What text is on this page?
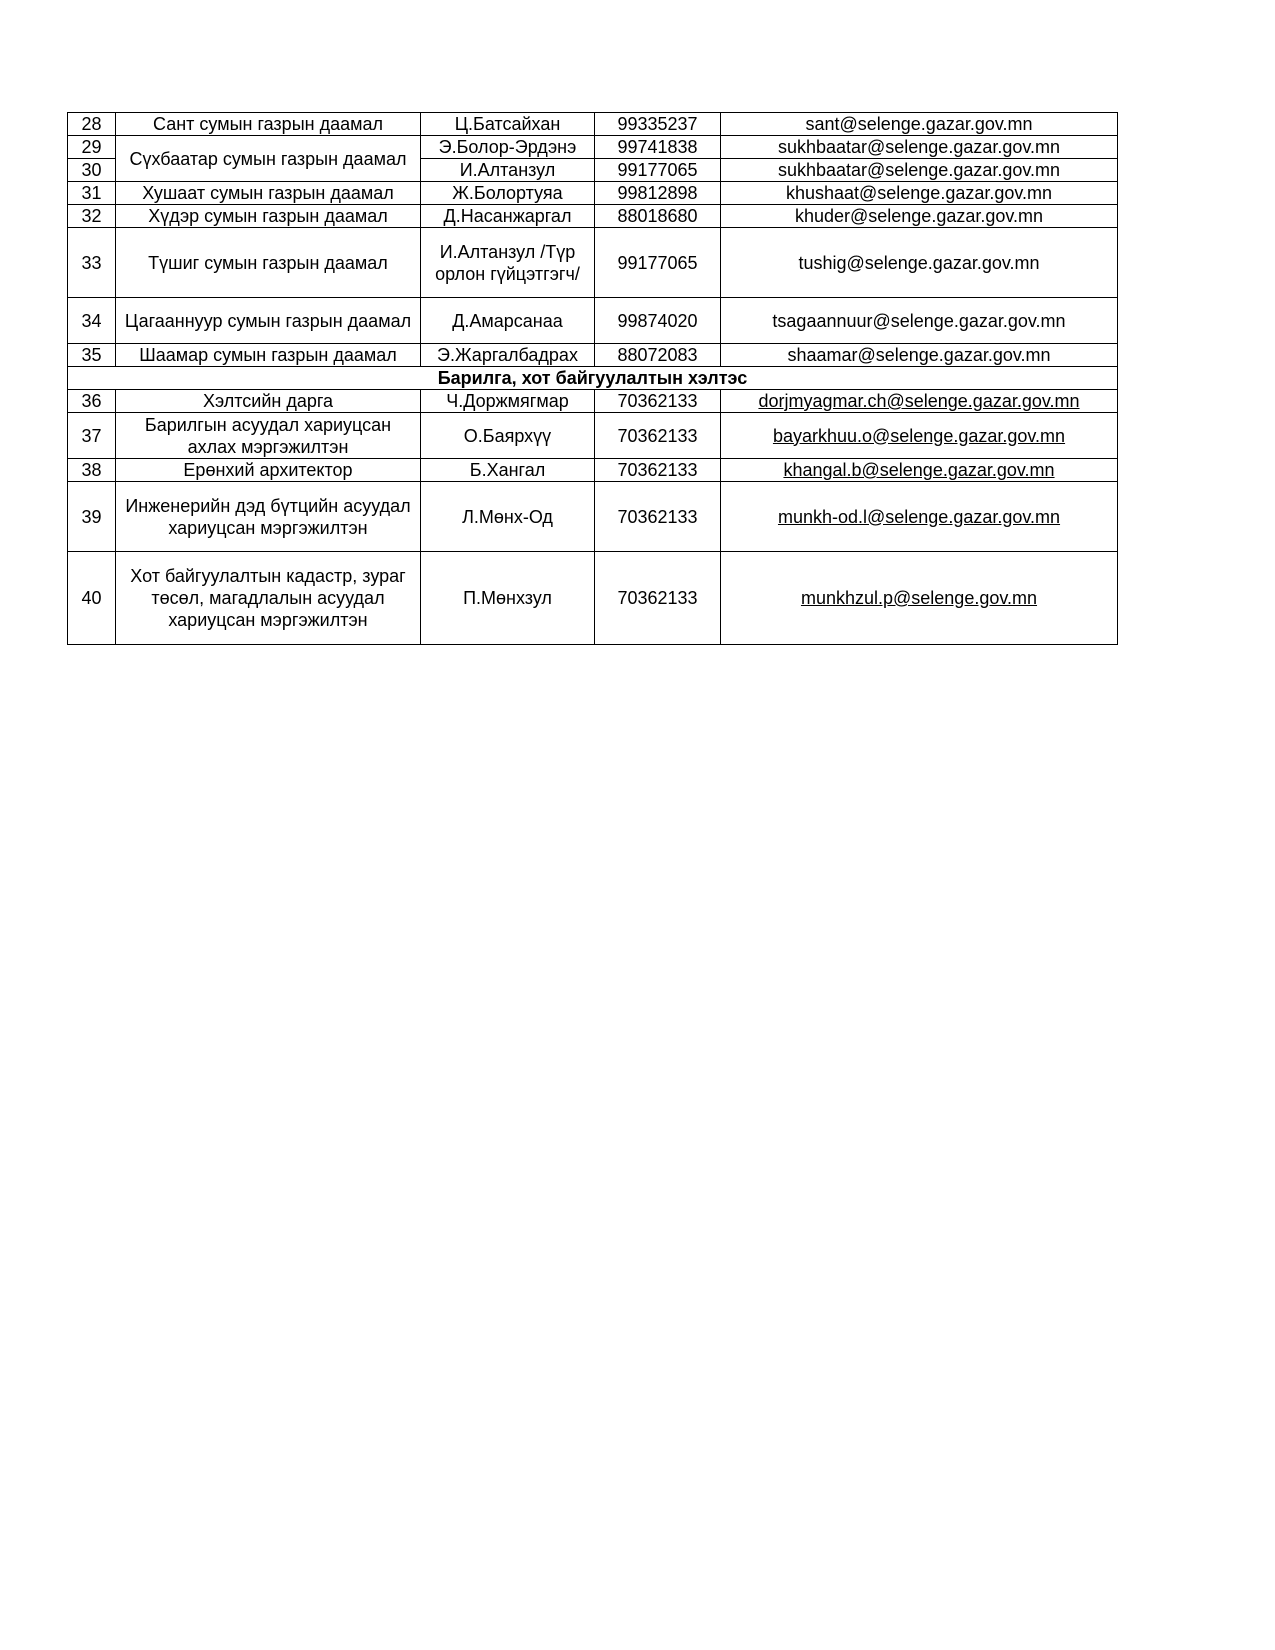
28	Сант сумын газрын даамал	Ц.Батсайхан	99335237	sant@selenge.gazar.gov.mn
29	Сүхбаатар сумын газрын даамал	Э.Болор-Эрдэнэ	99741838	sukhbaatar@selenge.gazar.gov.mn
30		И.Алтанзул	99177065	sukhbaatar@selenge.gazar.gov.mn
31	Хушаат сумын газрын даамал	Ж.Болортуяа	99812898	khushaat@selenge.gazar.gov.mn
32	Хүдэр сумын газрын даамал	Д.Насанжаргал	88018680	khuder@selenge.gazar.gov.mn
33	Түшиг сумын газрын даамал	И.Алтанзул /Түр орлон гүйцэтгэгч/	99177065	tushig@selenge.gazar.gov.mn
34	Цагааннуур сумын газрын даамал	Д.Амарсанаа	99874020	tsagaannuur@selenge.gazar.gov.mn
35	Шаамар сумын газрын даамал	Э.Жаргалбадрах	88072083	shaamar@selenge.gazar.gov.mn
Барилга, хот байгуулалтын хэлтэс				
36	Хэлтсийн дарга	Ч.Доржмягмар	70362133	dorjmyagmar.ch@selenge.gazar.gov.mn
37	Барилгын асуудал хариуцсан ахлах мэргэжилтэн	О.Баярхүү	70362133	bayarkhuu.o@selenge.gazar.gov.mn
38	Ерөнхий архитектор	Б.Хангал	70362133	khangal.b@selenge.gazar.gov.mn
39	Инженерийн дэд бүтцийн асуудал хариуцсан мэргэжилтэн	Л.Мөнх-Од	70362133	munkh-od.l@selenge.gazar.gov.mn
40	Хот байгуулалтын кадастр, зураг төсөл, магадлалын асуудал хариуцсан мэргэжилтэн	П.Мөнхзул	70362133	munkhzul.p@selenge.gov.mn
